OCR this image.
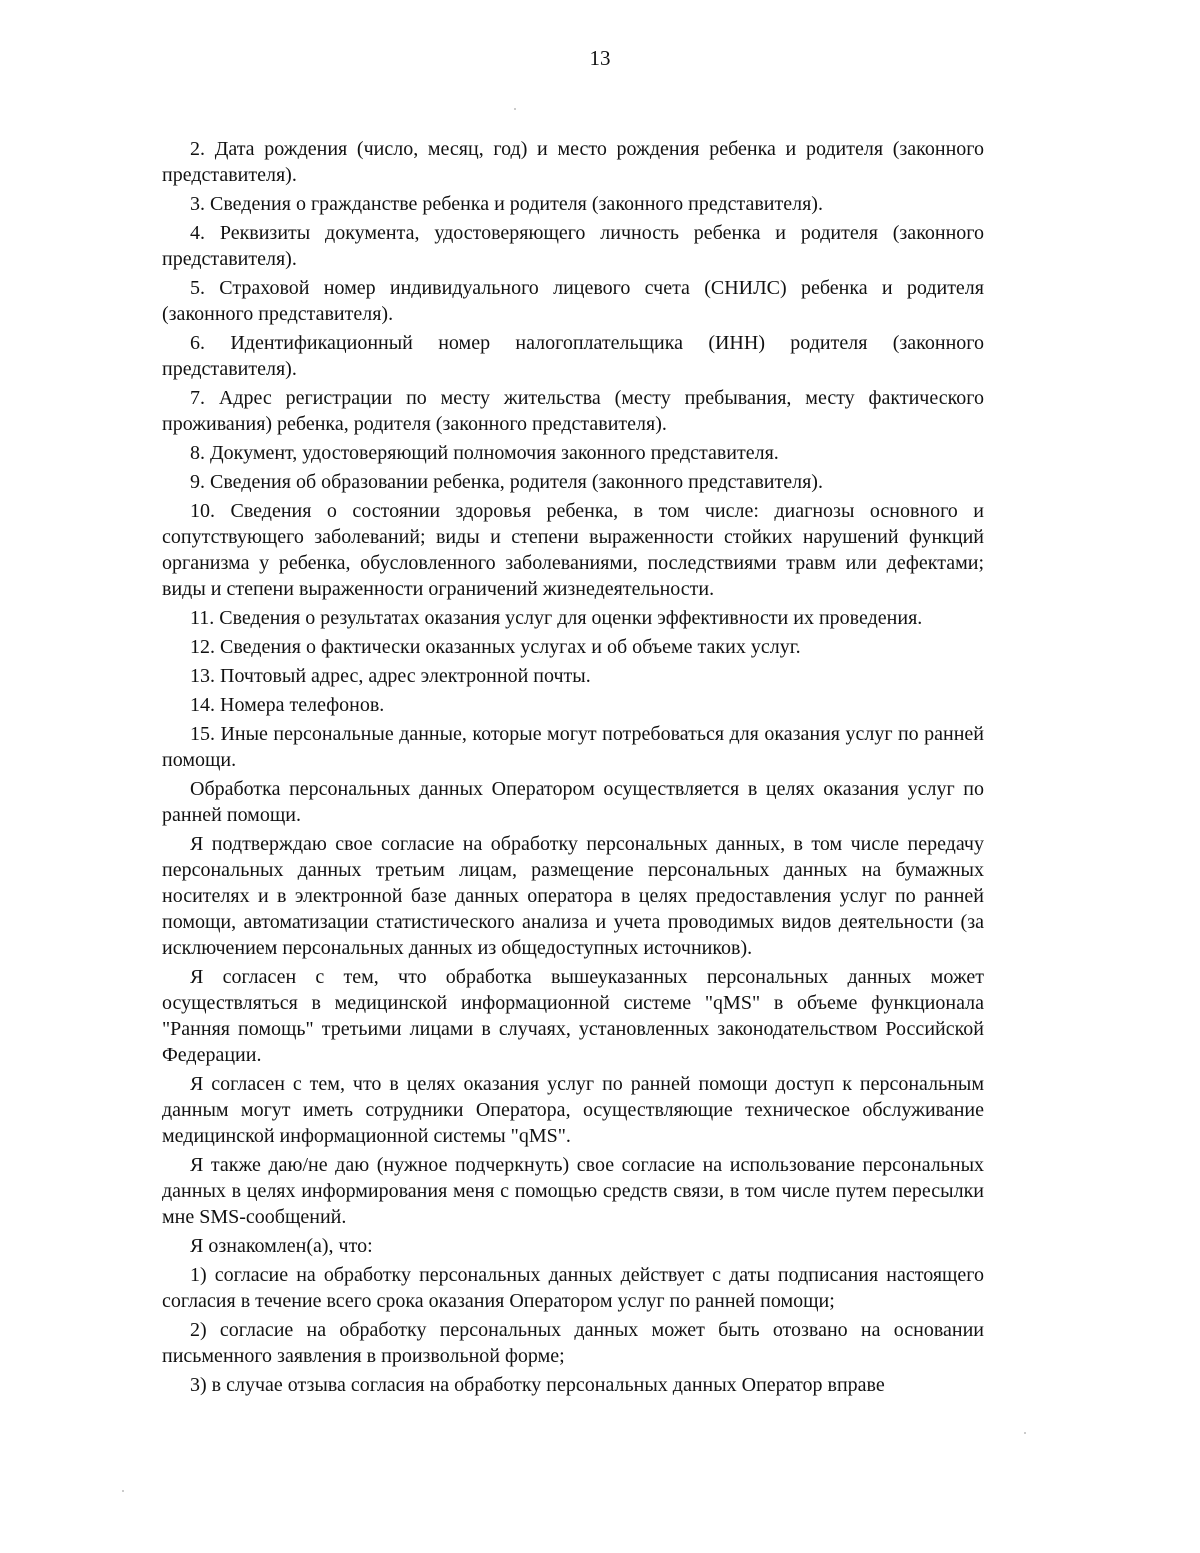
13

2. Дата рождения (число, месяц, год) и место рождения ребенка и родителя (законного представителя).

3. Сведения о гражданстве ребенка и родителя (законного представителя).

4. Реквизиты документа, удостоверяющего личность ребенка и родителя (законного представителя).

5. Страховой номер индивидуального лицевого счета (СНИЛС) ребенка и родителя (законного представителя).

6. Идентификационный номер налогоплательщика (ИНН) родителя (законного представителя).

7. Адрес регистрации по месту жительства (месту пребывания, месту фактического проживания) ребенка, родителя (законного представителя).

8. Документ, удостоверяющий полномочия законного представителя.

9. Сведения об образовании ребенка, родителя (законного представителя).

10. Сведения о состоянии здоровья ребенка, в том числе: диагнозы основного и сопутствующего заболеваний; виды и степени выраженности стойких нарушений функций организма у ребенка, обусловленного заболеваниями, последствиями травм или дефектами; виды и степени выраженности ограничений жизнедеятельности.

11. Сведения о результатах оказания услуг для оценки эффективности их проведения.

12. Сведения о фактически оказанных услугах и об объеме таких услуг.

13. Почтовый адрес, адрес электронной почты.

14. Номера телефонов.

15. Иные персональные данные, которые могут потребоваться для оказания услуг по ранней помощи.

Обработка персональных данных Оператором осуществляется в целях оказания услуг по ранней помощи.

Я подтверждаю свое согласие на обработку персональных данных, в том числе передачу персональных данных третьим лицам, размещение персональных данных на бумажных носителях и в электронной базе данных оператора в целях предоставления услуг по ранней помощи, автоматизации статистического анализа и учета проводимых видов деятельности (за исключением персональных данных из общедоступных источников).

Я согласен с тем, что обработка вышеуказанных персональных данных может осуществляться в медицинской информационной системе "qMS" в объеме функционала "Ранняя помощь" третьими лицами в случаях, установленных законодательством Российской Федерации.

Я согласен с тем, что в целях оказания услуг по ранней помощи доступ к персональным данным могут иметь сотрудники Оператора, осуществляющие техническое обслуживание медицинской информационной системы "qMS".

Я также даю/не даю (нужное подчеркнуть) свое согласие на использование персональных данных в целях информирования меня с помощью средств связи, в том числе путем пересылки мне SMS-сообщений.

Я ознакомлен(а), что:

1) согласие на обработку персональных данных действует с даты подписания настоящего согласия в течение всего срока оказания Оператором услуг по ранней помощи;

2) согласие на обработку персональных данных может быть отозвано на основании письменного заявления в произвольной форме;

3) в случае отзыва согласия на обработку персональных данных Оператор вправе
